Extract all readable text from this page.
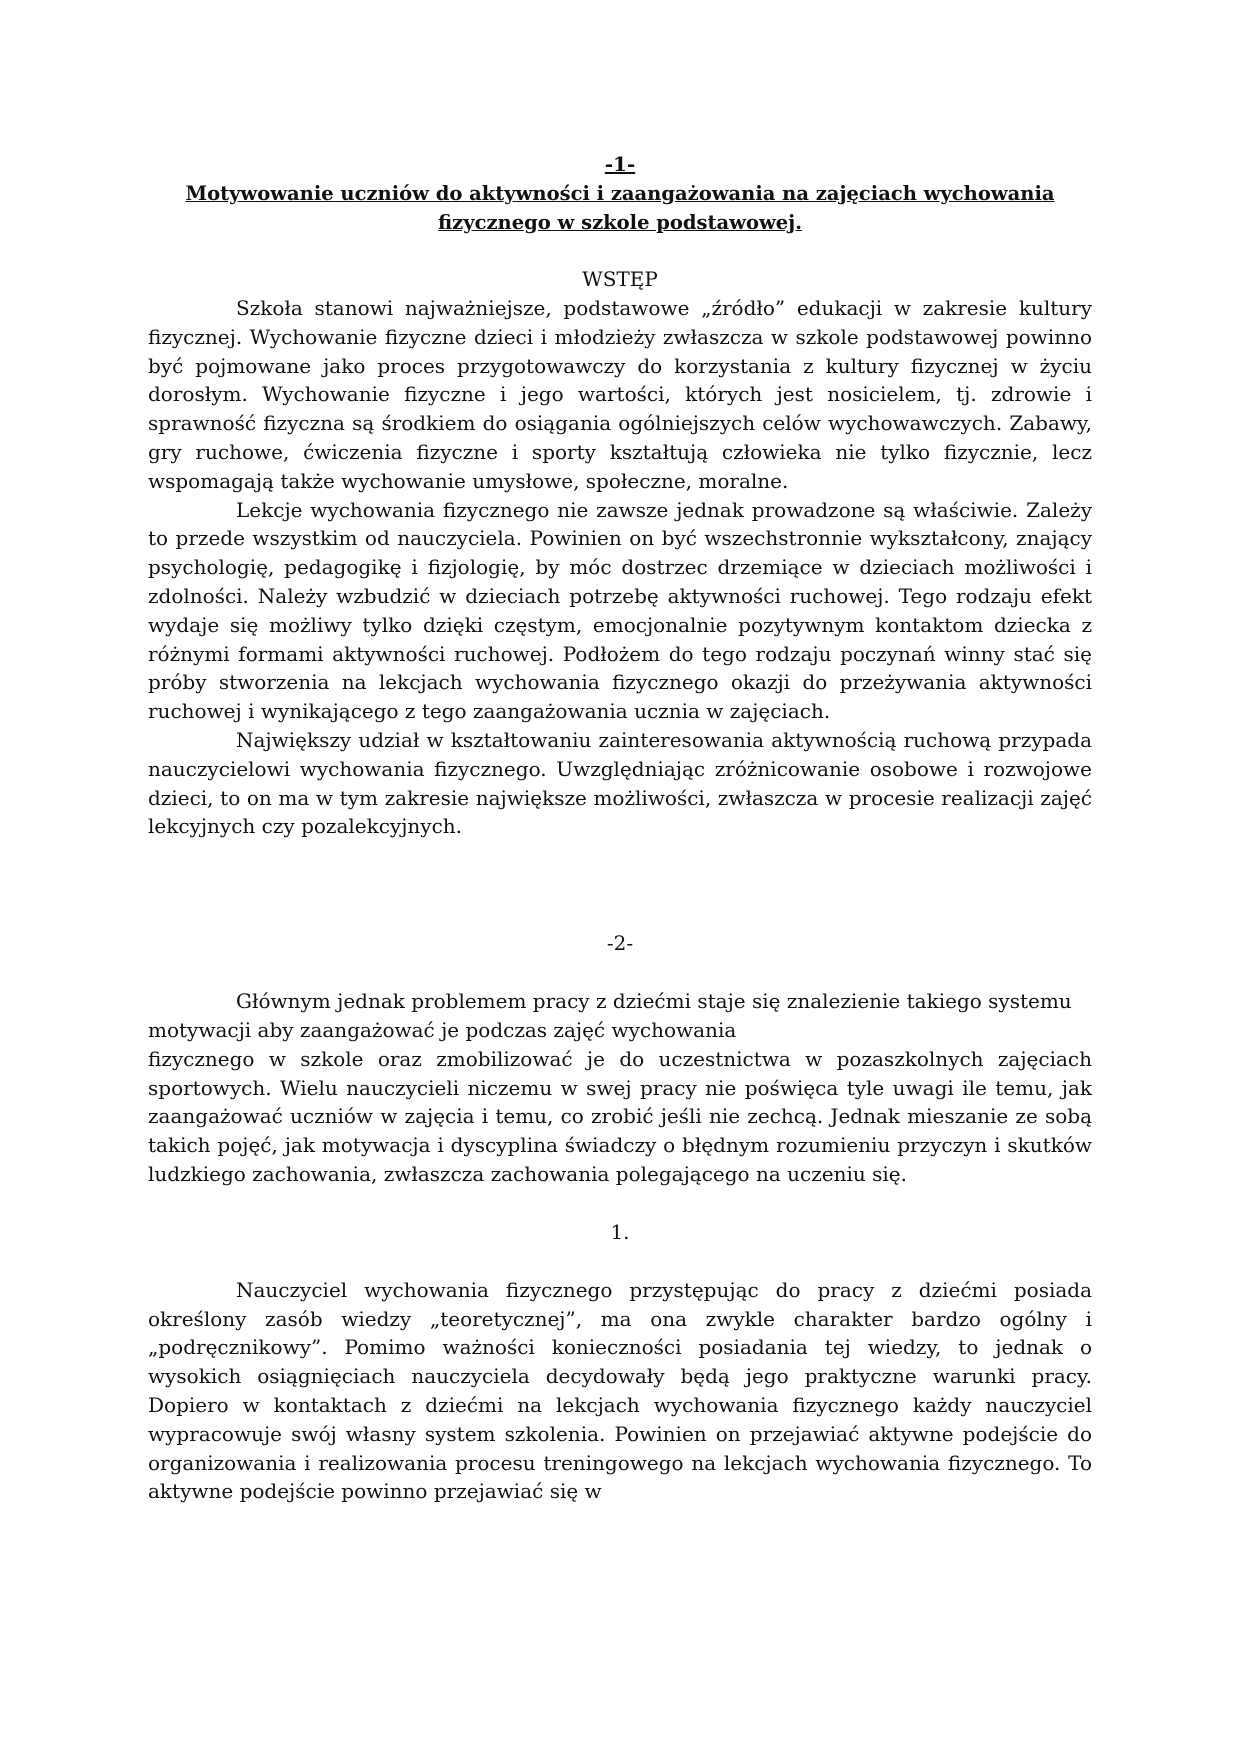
-1-
Motywowanie uczniów do aktywności i zaangażowania na zajęciach wychowania
fizycznego w szkole podstawowej.
WSTĘP

Szkoła stanowi najważniejsze, podstawowe „źródło” edukacji w zakresie kultury fizycznej. Wychowanie fizyczne dzieci i młodzieży zwłaszcza w szkole podstawowej powinno być pojmowane jako proces przygotowawczy do korzystania z kultury fizycznej w życiu dorosłym. Wychowanie fizyczne i jego wartości, których jest nosicielem, tj. zdrowie i sprawność fizyczna są środkiem do osiągania ogólniejszych celów wychowawczych. Zabawy, gry ruchowe, ćwiczenia fizyczne i sporty kształtują człowieka nie tylko fizycznie, lecz wspomagają także wychowanie umysłowe, społeczne, moralne.

Lekcje wychowania fizycznego nie zawsze jednak prowadzone są właściwie. Zależy to przede wszystkim od nauczyciela. Powinien on być wszechstronnie wykształcony, znający psychologię, pedagogikę i fizjologię, by móc dostrzec drzemiące w dzieciach możliwości i zdolności. Należy wzbudzić w dzieciach potrzebę aktywności ruchowej. Tego rodzaju efekt wydaje się możliwy tylko dzięki częstym, emocjonalnie pozytywnym kontaktom dziecka z różnymi formami aktywności ruchowej. Podłożem do tego rodzaju poczynań winny stać się próby stworzenia na lekcjach wychowania fizycznego okazji do przeżywania aktywności ruchowej i wynikającego z tego zaangażowania ucznia w zajęciach.

Największy udział w kształtowaniu zainteresowania aktywnością ruchową przypada nauczycielowi wychowania fizycznego. Uwzględniając zróżnicowanie osobowe i rozwojowe dzieci, to on ma w tym zakresie największe możliwości, zwłaszcza w procesie realizacji zajęć lekcyjnych czy pozalekcyjnych.

-2-

Głównym jednak problemem pracy z dziećmi staje się znalezienie takiego systemu motywacji aby zaangażować je podczas zajęć wychowania

fizycznego w szkole oraz zmobilizować je do uczestnictwa w pozaszkolnych zajęciach sportowych. Wielu nauczycieli niczemu w swej pracy nie poświęca tyle uwagi ile temu, jak zaangażować uczniów w zajęcia i temu, co zrobić jeśli nie zechcą. Jednak mieszanie ze sobą takich pojęć, jak motywacja i dyscyplina świadczy o błędnym rozumieniu przyczyn i skutków ludzkiego zachowania, zwłaszcza zachowania polegającego na uczeniu się.

1.

Nauczyciel wychowania fizycznego przystępując do pracy z dziećmi posiada określony zasób wiedzy „teoretycznej”, ma ona zwykle charakter bardzo ogólny i „podręcznikowy”. Pomimo ważności konieczności posiadania tej wiedzy, to jednak o wysokich osiągnięciach nauczyciela decydowały będą jego praktyczne warunki pracy. Dopiero w kontaktach z dziećmi na lekcjach wychowania fizycznego każdy nauczyciel wypracowuje swój własny system szkolenia. Powinien on przejawiać aktywne podejście do organizowania i realizowania procesu treningowego na lekcjach wychowania fizycznego. To aktywne podejście powinno przejawiać się w
